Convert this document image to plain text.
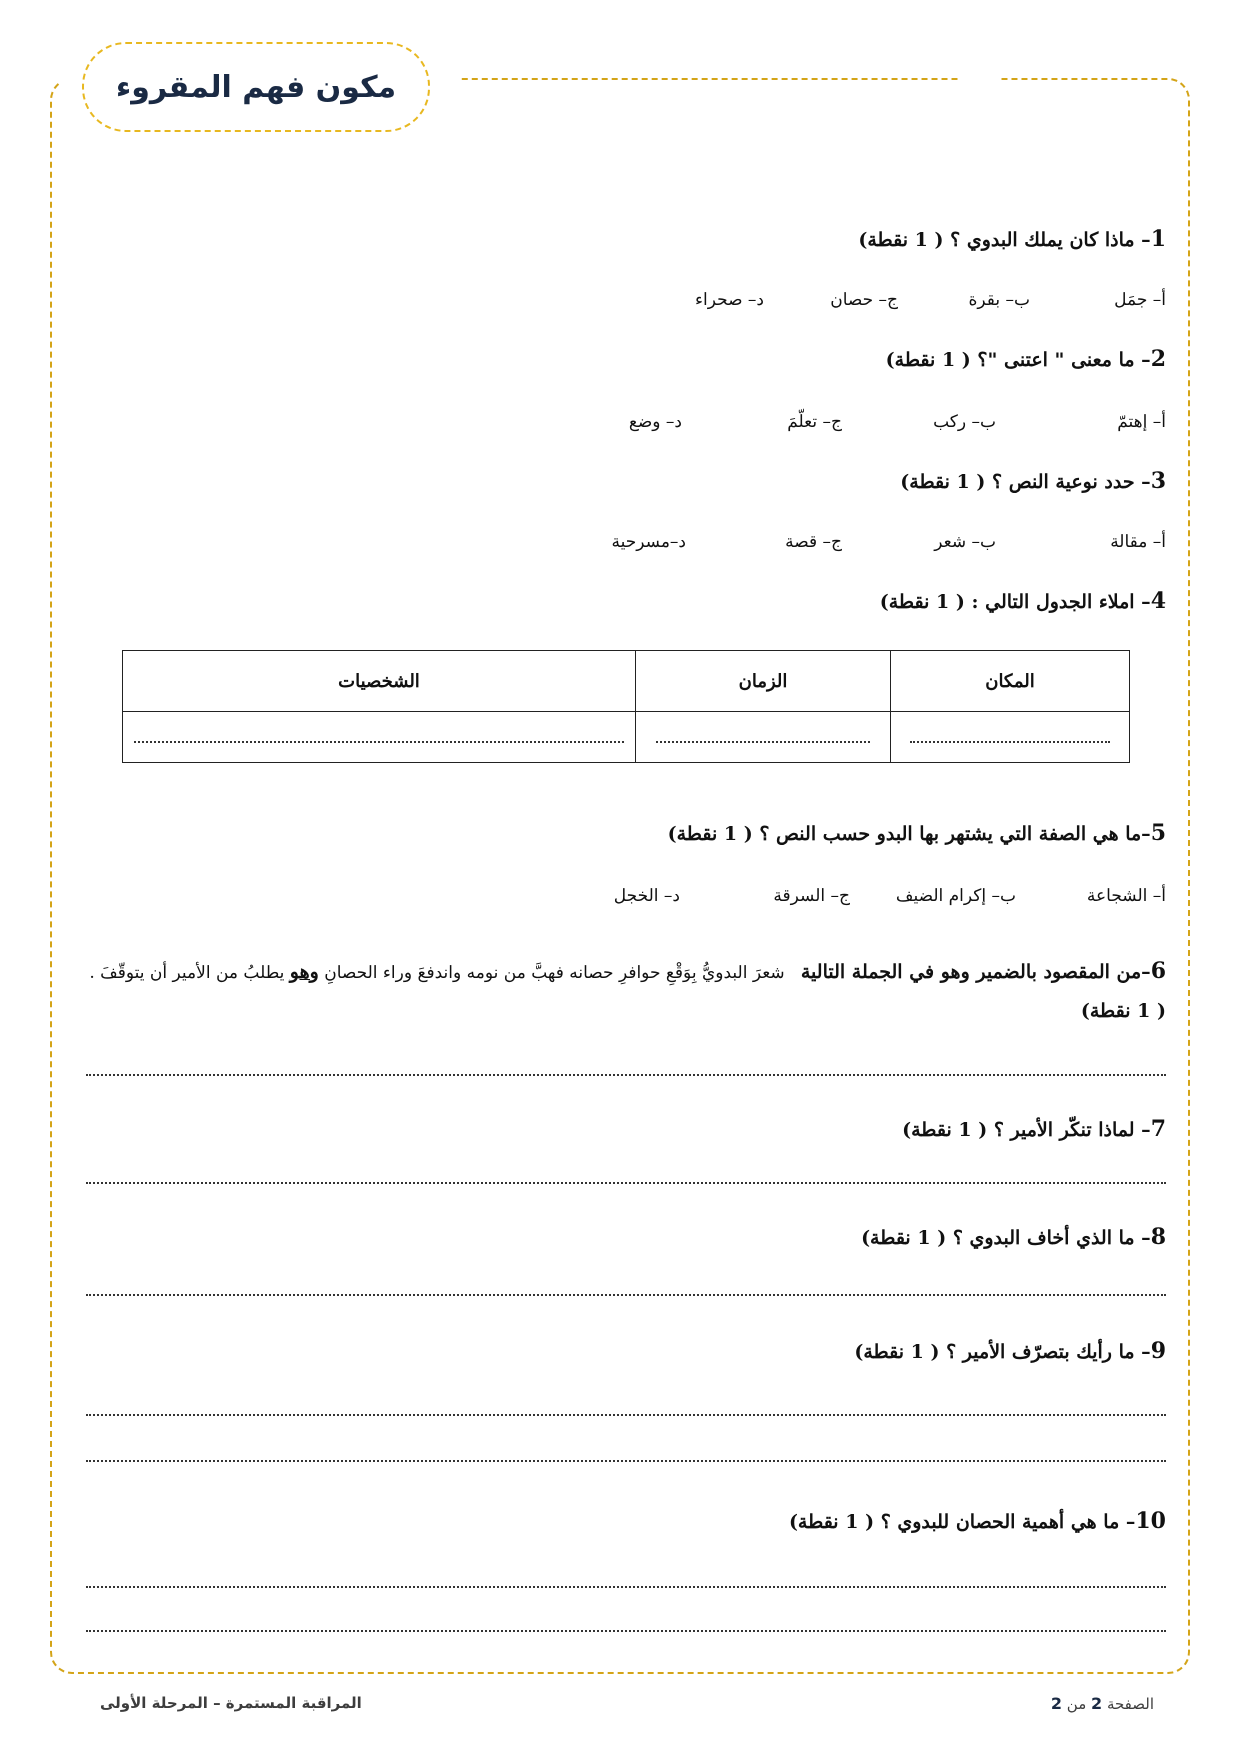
مكون فهم المقروء
1– ماذا كان يملك البدوي ؟ ( 1 نقطة)
أ– جمَل
ب– بقرة
ج– حصان
د– صحراء
2– ما معنى " اعتنى "؟ ( 1 نقطة)
أ– إهتمّ
ب– ركب
ج– تعلّمَ
د– وضع
3– حدد نوعية النص ؟ ( 1 نقطة)
أ– مقالة
ب– شعر
ج– قصة
د–مسرحية
4– املاء الجدول التالي : ( 1 نقطة)
المكان	الزمان	الشخصيات

5–ما هي الصفة التي يشتهر بها البدو حسب النص ؟ ( 1 نقطة)
أ– الشجاعة
ب– إكرام الضيف
ج– السرقة
د– الخجل
6–من المقصود بالضمير وهو في الجملة التالية   شعرَ البدويُّ بِوَقْعِ حوافرِ حصانه فهبَّ من نومه واندفعَ وراء الحصانِ وهو يطلبُ من الأمير أن يتوقّفَ . ( 1 نقطة)
7– لماذا تنكّر الأمير ؟ ( 1 نقطة)
8– ما الذي أخاف البدوي ؟ ( 1 نقطة)
9– ما رأيك بتصرّف الأمير ؟ ( 1 نقطة)
10– ما هي أهمية الحصان للبدوي ؟ ( 1 نقطة)
المراقبة المستمرة – المرحلة الأولى	الصفحة 2 من 2
